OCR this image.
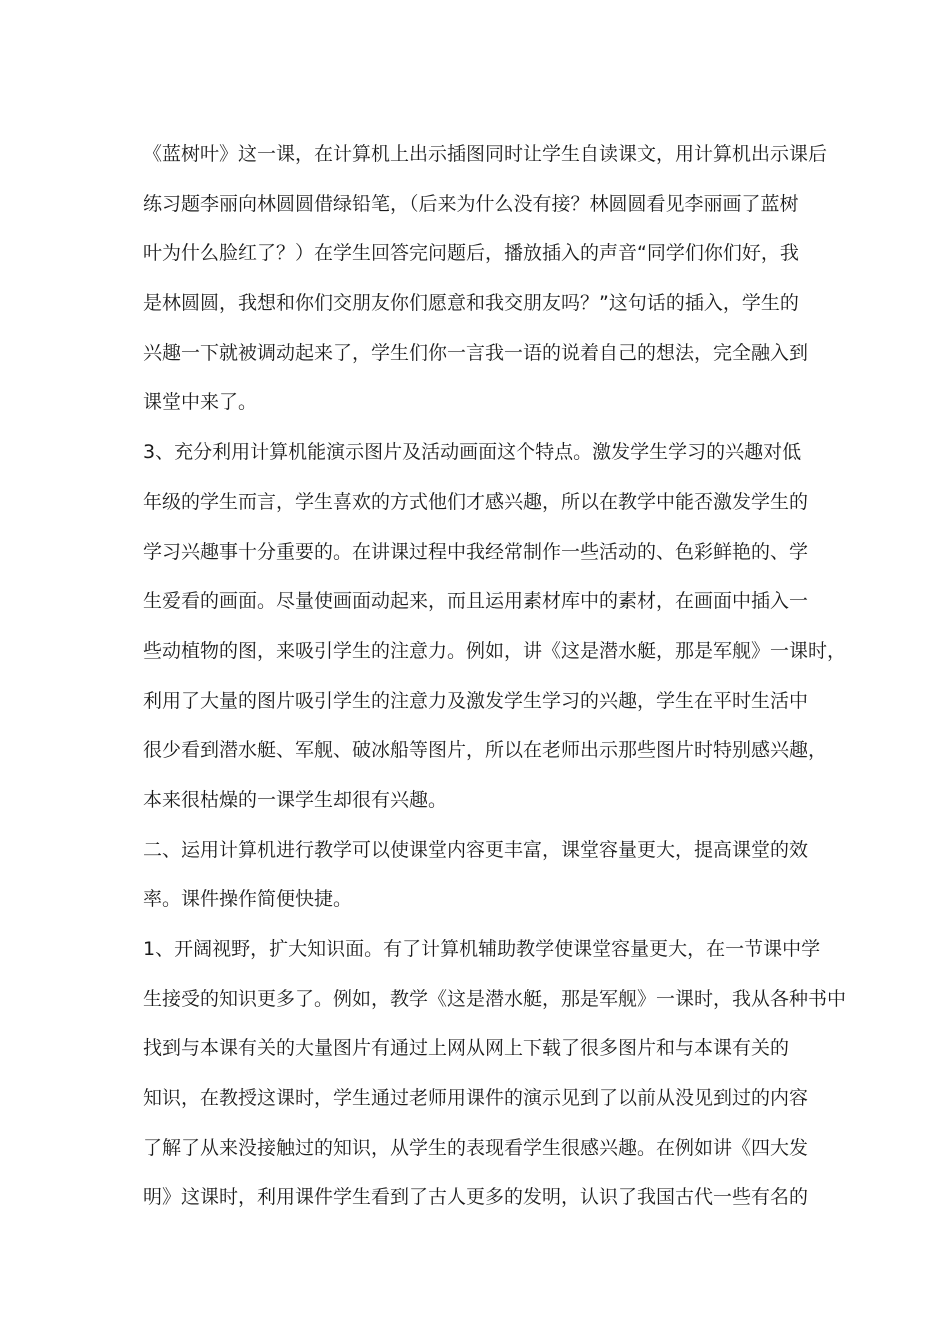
《蓝树叶》这一课，在计算机上出示插图同时让学生自读课文，用计算机出示课后
练习题李丽向林圆圆借绿铅笔，（后来为什么没有接？林圆圆看见李丽画了蓝树
叶为什么脸红了？）在学生回答完问题后，播放插入的声音“同学们你们好，我
是林圆圆，我想和你们交朋友你们愿意和我交朋友吗？”这句话的插入，学生的
兴趣一下就被调动起来了，学生们你一言我一语的说着自己的想法，完全融入到
课堂中来了。
3、充分利用计算机能演示图片及活动画面这个特点。激发学生学习的兴趣对低
年级的学生而言，学生喜欢的方式他们才感兴趣，所以在教学中能否激发学生的
学习兴趣事十分重要的。在讲课过程中我经常制作一些活动的、色彩鲜艳的、学
生爱看的画面。尽量使画面动起来，而且运用素材库中的素材，在画面中插入一
些动植物的图，来吸引学生的注意力。例如，讲《这是潜水艇，那是军舰》一课时，
利用了大量的图片吸引学生的注意力及激发学生学习的兴趣，学生在平时生活中
很少看到潜水艇、军舰、破冰船等图片，所以在老师出示那些图片时特别感兴趣，
本来很枯燥的一课学生却很有兴趣。
二、运用计算机进行教学可以使课堂内容更丰富，课堂容量更大，提高课堂的效
率。课件操作简便快捷。
1、开阔视野，扩大知识面。有了计算机辅助教学使课堂容量更大，在一节课中学
生接受的知识更多了。例如，教学《这是潜水艇，那是军舰》一课时，我从各种书中
找到与本课有关的大量图片有通过上网从网上下载了很多图片和与本课有关的
知识，在教授这课时，学生通过老师用课件的演示见到了以前从没见到过的内容
了解了从来没接触过的知识，从学生的表现看学生很感兴趣。在例如讲《四大发
明》这课时，利用课件学生看到了古人更多的发明，认识了我国古代一些有名的
